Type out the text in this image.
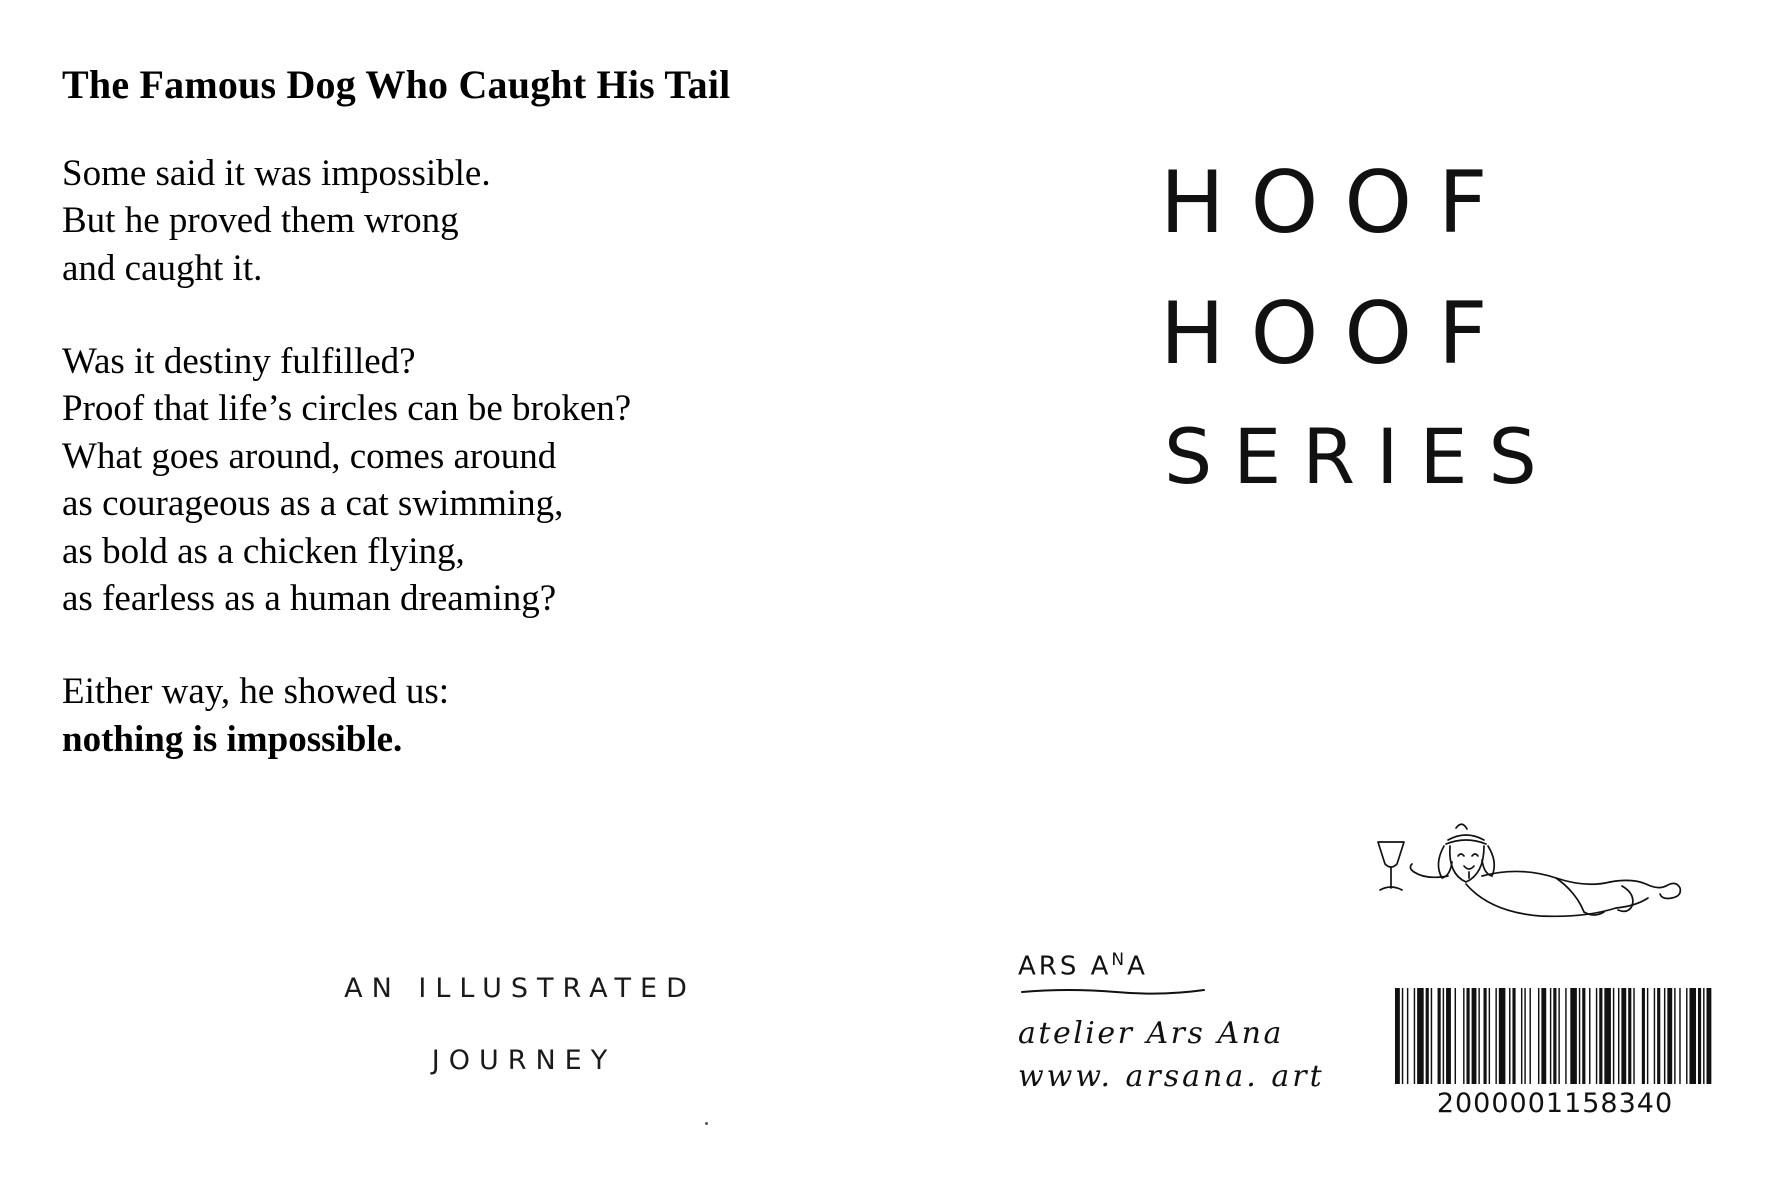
The Famous Dog Who Caught His Tail

Some said it was impossible.
But he proved them wrong
and caught it.

Was it destiny fulfilled?
Proof that life’s circles can be broken?
What goes around, comes around
as courageous as a cat swimming,
as bold as a chicken flying,
as fearless as a human dreaming?

Either way, he showed us:
nothing is impossible.

AN ILLUSTRATED
JOURNEY
HOOF
HOOF
SERIES
ARS $A^NA$
atelier Ars Ana
www. arsana. art
2000001158340
